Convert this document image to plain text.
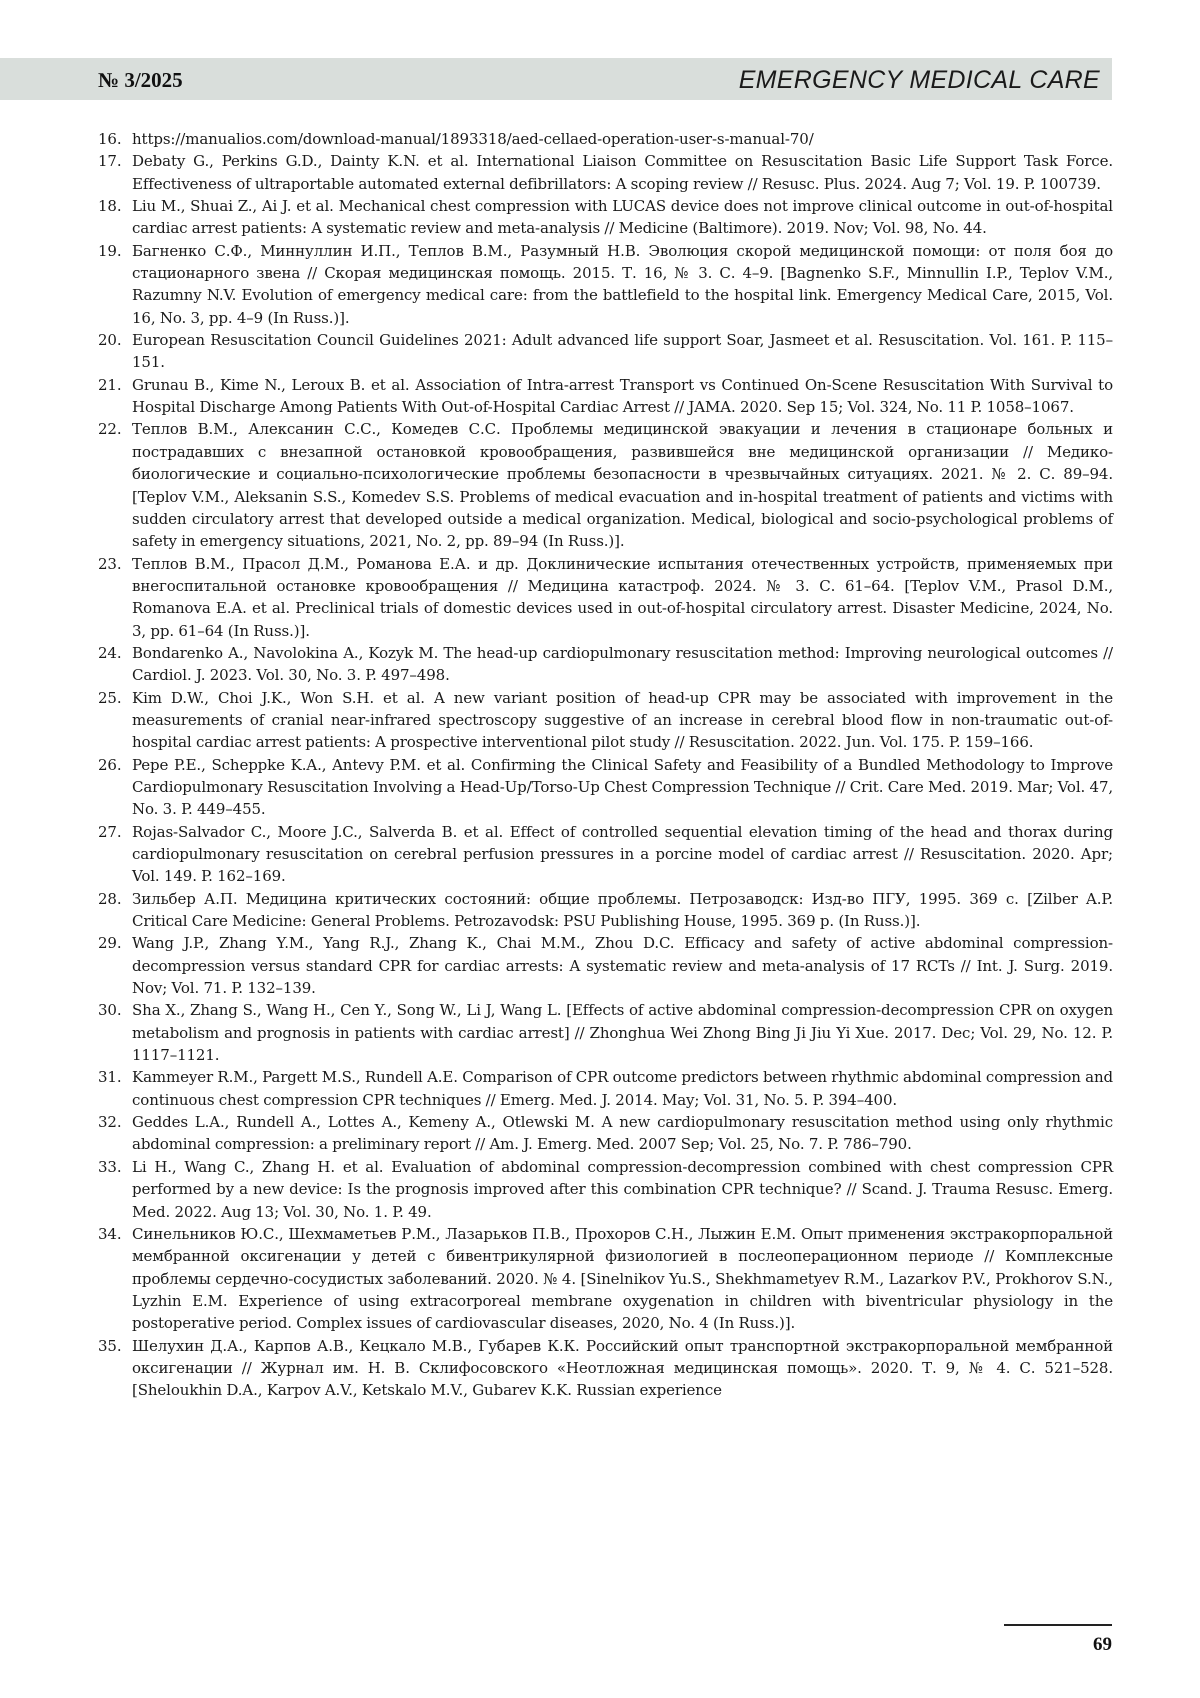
№ 3/2025	EMERGENCY MEDICAL CARE
16. https://manualios.com/download-manual/1893318/aed-cellaed-operation-user-s-manual-70/
17. Debaty G., Perkins G.D., Dainty K.N. et al. International Liaison Committee on Resuscitation Basic Life Support Task Force. Effectiveness of ultraportable automated external defibrillators: A scoping review // Resusc. Plus. 2024. Aug 7; Vol. 19. P. 100739.
18. Liu M., Shuai Z., Ai J. et al. Mechanical chest compression with LUCAS device does not improve clinical outcome in out-of-hospital cardiac arrest patients: A systematic review and meta-analysis // Medicine (Baltimore). 2019. Nov; Vol. 98, No. 44.
19. Багненко С.Ф., Миннуллин И.П., Теплов В.М., Разумный Н.В. Эволюция скорой медицинской помощи: от поля боя до стационарного звена // Скорая медицинская помощь. 2015. Т. 16, № 3. С. 4–9. [Bagnenko S.F., Minnullin I.P., Teplov V.M., Razumny N.V. Evolution of emergency medical care: from the battlefield to the hospital link. Emergency Medical Care, 2015, Vol. 16, No. 3, pp. 4–9 (In Russ.)].
20. European Resuscitation Council Guidelines 2021: Adult advanced life support Soar, Jasmeet et al. Resuscitation. Vol. 161. P. 115–151.
21. Grunau B., Kime N., Leroux B. et al. Association of Intra-arrest Transport vs Continued On-Scene Resuscitation With Survival to Hospital Discharge Among Patients With Out-of-Hospital Cardiac Arrest // JAMA. 2020. Sep 15; Vol. 324, No. 11 P. 1058–1067.
22. Теплов В.М., Алексанин С.С., Комедев С.С. Проблемы медицинской эвакуации и лечения в стационаре больных и пострадавших с внезапной остановкой кровообращения, развившейся вне медицинской организации // Медико-биологические и социально-психологические проблемы безопасности в чрезвычайных ситуациях. 2021. № 2. С. 89–94. [Teplov V.M., Aleksanin S.S., Komedev S.S. Problems of medical evacuation and in-hospital treatment of patients and victims with sudden circulatory arrest that developed outside a medical organization. Medical, biological and socio-psychological problems of safety in emergency situations, 2021, No. 2, pp. 89–94 (In Russ.)].
23. Теплов В.М., Прасол Д.М., Романова Е.А. и др. Доклинические испытания отечественных устройств, применяемых при внегоспитальной остановке кровообращения // Медицина катастроф. 2024. № 3. С. 61–64. [Teplov V.M., Prasol D.M., Romanova E.A. et al. Preclinical trials of domestic devices used in out-of-hospital circulatory arrest. Disaster Medicine, 2024, No. 3, pp. 61–64 (In Russ.)].
24. Bondarenko A., Navolokina A., Kozyk M. The head-up cardiopulmonary resuscitation method: Improving neurological outcomes // Cardiol. J. 2023. Vol. 30, No. 3. P. 497–498.
25. Kim D.W., Choi J.K., Won S.H. et al. A new variant position of head-up CPR may be associated with improvement in the measurements of cranial near-infrared spectroscopy suggestive of an increase in cerebral blood flow in non-traumatic out-of-hospital cardiac arrest patients: A prospective interventional pilot study // Resuscitation. 2022. Jun. Vol. 175. P. 159–166.
26. Pepe P.E., Scheppke K.A., Antevy P.M. et al. Confirming the Clinical Safety and Feasibility of a Bundled Methodology to Improve Cardiopulmonary Resuscitation Involving a Head-Up/Torso-Up Chest Compression Technique // Crit. Care Med. 2019. Mar; Vol. 47, No. 3. P. 449–455.
27. Rojas-Salvador C., Moore J.C., Salverda B. et al. Effect of controlled sequential elevation timing of the head and thorax during cardiopulmonary resuscitation on cerebral perfusion pressures in a porcine model of cardiac arrest // Resuscitation. 2020. Apr; Vol. 149. P. 162–169.
28. Зильбер А.П. Медицина критических состояний: общие проблемы. Петрозаводск: Изд-во ПГУ, 1995. 369 с. [Zilber A.P. Critical Care Medicine: General Problems. Petrozavodsk: PSU Publishing House, 1995. 369 p. (In Russ.)].
29. Wang J.P., Zhang Y.M., Yang R.J., Zhang K., Chai M.M., Zhou D.C. Efficacy and safety of active abdominal compression-decompression versus standard CPR for cardiac arrests: A systematic review and meta-analysis of 17 RCTs // Int. J. Surg. 2019. Nov; Vol. 71. P. 132–139.
30. Sha X., Zhang S., Wang H., Cen Y., Song W., Li J, Wang L. [Effects of active abdominal compression-decompression CPR on oxygen metabolism and prognosis in patients with cardiac arrest] // Zhonghua Wei Zhong Bing Ji Jiu Yi Xue. 2017. Dec; Vol. 29, No. 12. P. 1117–1121.
31. Kammeyer R.M., Pargett M.S., Rundell A.E. Comparison of CPR outcome predictors between rhythmic abdominal compression and continuous chest compression CPR techniques // Emerg. Med. J. 2014. May; Vol. 31, No. 5. P. 394–400.
32. Geddes L.A., Rundell A., Lottes A., Kemeny A., Otlewski M. A new cardiopulmonary resuscitation method using only rhythmic abdominal compression: a preliminary report // Am. J. Emerg. Med. 2007 Sep; Vol. 25, No. 7. P. 786–790.
33. Li H., Wang C., Zhang H. et al. Evaluation of abdominal compression-decompression combined with chest compression CPR performed by a new device: Is the prognosis improved after this combination CPR technique? // Scand. J. Trauma Resusc. Emerg. Med. 2022. Aug 13; Vol. 30, No. 1. P. 49.
34. Синельников Ю.С., Шехмаметьев Р.М., Лазарьков П.В., Прохоров С.Н., Лыжин Е.М. Опыт применения экстракорпоральной мембранной оксигенации у детей с бивентрикулярной физиологией в послеоперационном периоде // Комплексные проблемы сердечно-сосудистых заболеваний. 2020. № 4. [Sinelnikov Yu.S., Shekhmametyev R.M., Lazarkov P.V., Prokhorov S.N., Lyzhin E.M. Experience of using extracorporeal membrane oxygenation in children with biventricular physiology in the postoperative period. Complex issues of cardiovascular diseases, 2020, No. 4 (In Russ.)].
35. Шелухин Д.А., Карпов А.В., Кецкало М.В., Губарев К.К. Российский опыт транспортной экстракорпоральной мембранной оксигенации // Журнал им. Н. В. Склифосовского «Неотложная медицинская помощь». 2020. Т. 9, № 4. С. 521–528. [Sheloukhin D.A., Karpov A.V., Ketskalo M.V., Gubarev K.K. Russian experience
69
